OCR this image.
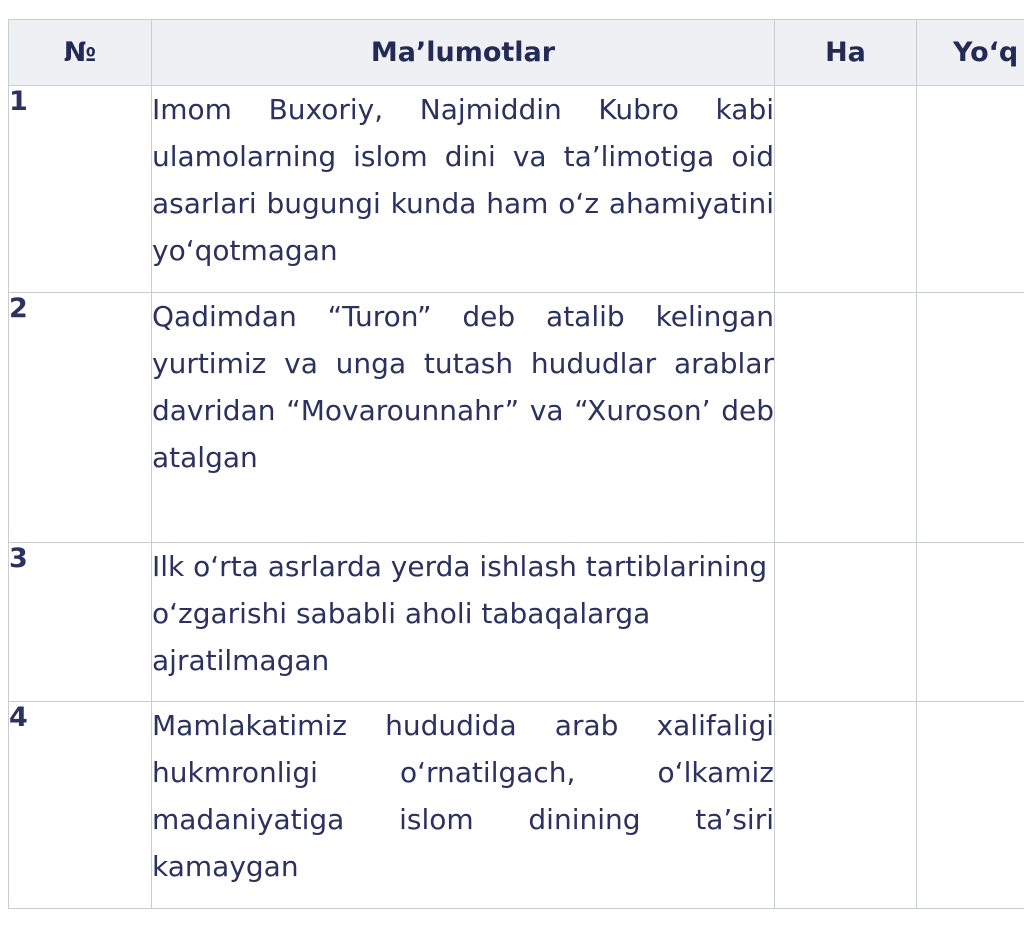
№	Ma’lumotlar	Ha	Yo‘q
1	Imom Buxoriy, Najmiddin Kubro kabi ulamolarning islom dini va ta’limotiga oid asarlari bugungi kunda ham o‘z ahamiyatini yo‘qotmagan		
2	Qadimdan “Turon” deb atalib kelingan yurtimiz va unga tutash hududlar arablar davridan “Movarounnahr” va “Xuroson’ deb atalgan		
3	Ilk o‘rta asrlarda yerda ishlash tartiblarining o‘zgarishi sababli aholi tabaqalarga ajratilmagan		
4	Mamlakatimiz hududida arab xalifaligi hukmronligi o‘rnatilgach, o‘lkamiz madaniyatiga islom dinining ta’siri kamaygan		
